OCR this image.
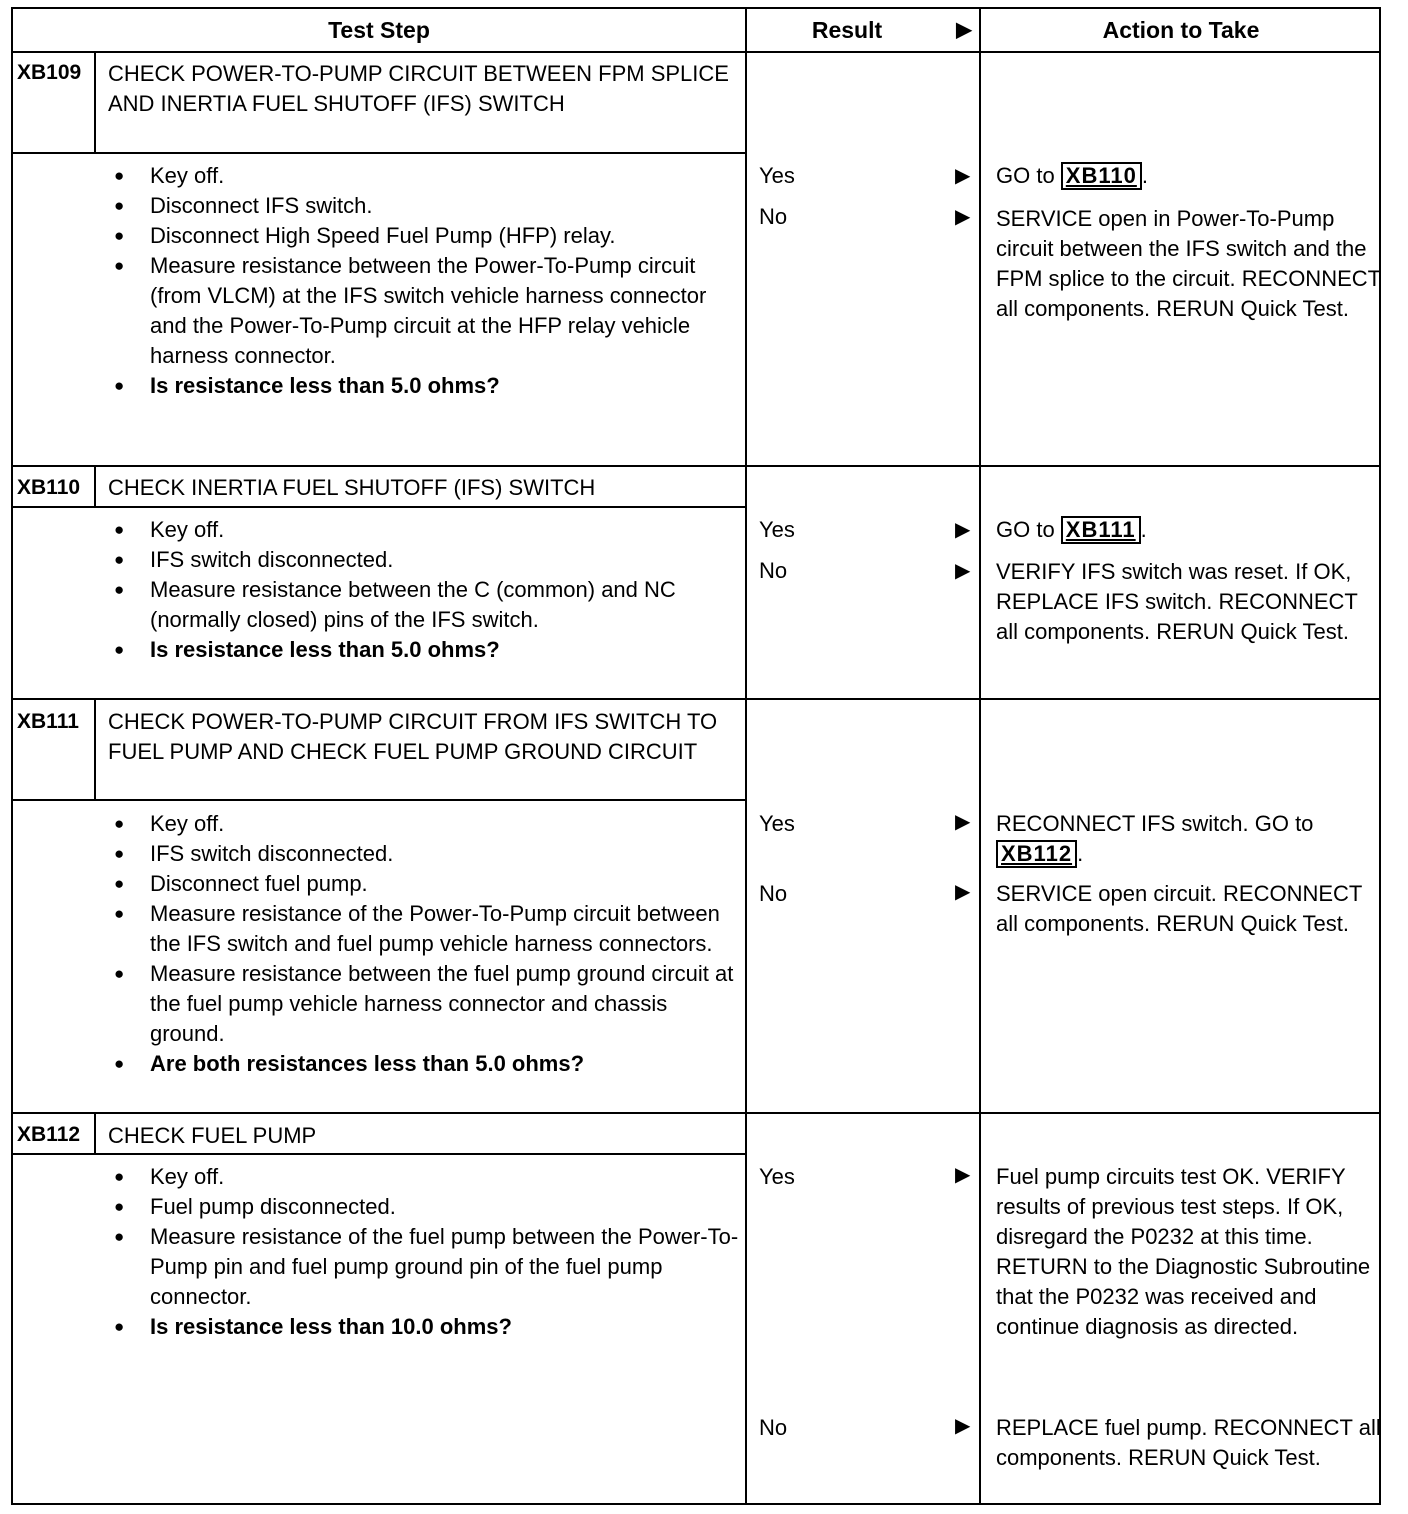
Test Step	Result	▶	Action to Take
XB109 CHECK POWER-TO-PUMP CIRCUIT BETWEEN FPM SPLICE AND INERTIA FUEL SHUTOFF (IFS) SWITCH
● Key off.
● Disconnect IFS switch.
● Disconnect High Speed Fuel Pump (HFP) relay.
● Measure resistance between the Power-To-Pump circuit (from VLCM) at the IFS switch vehicle harness connector and the Power-To-Pump circuit at the HFP relay vehicle harness connector.
● Is resistance less than 5.0 ohms?
Yes	▶ GO to XB110 .
No	▶ SERVICE open in Power-To-Pump circuit between the IFS switch and the FPM splice to the circuit. RECONNECT all components. RERUN Quick Test.
XB110 CHECK INERTIA FUEL SHUTOFF (IFS) SWITCH
● Key off.
● IFS switch disconnected.
● Measure resistance between the C (common) and NC (normally closed) pins of the IFS switch.
● Is resistance less than 5.0 ohms?
Yes	▶ GO to XB111 .
No	▶ VERIFY IFS switch was reset. If OK, REPLACE IFS switch. RECONNECT all components. RERUN Quick Test.
XB111 CHECK POWER-TO-PUMP CIRCUIT FROM IFS SWITCH TO FUEL PUMP AND CHECK FUEL PUMP GROUND CIRCUIT
● Key off.
● IFS switch disconnected.
● Disconnect fuel pump.
● Measure resistance of the Power-To-Pump circuit between the IFS switch and fuel pump vehicle harness connectors.
● Measure resistance between the fuel pump ground circuit at the fuel pump vehicle harness connector and chassis ground.
● Are both resistances less than 5.0 ohms?
Yes	▶ RECONNECT IFS switch. GO to XB112 .
No	▶ SERVICE open circuit. RECONNECT all components. RERUN Quick Test.
XB112 CHECK FUEL PUMP
● Key off.
● Fuel pump disconnected.
● Measure resistance of the fuel pump between the Power-To-Pump pin and fuel pump ground pin of the fuel pump connector.
● Is resistance less than 10.0 ohms?
Yes	▶ Fuel pump circuits test OK. VERIFY results of previous test steps. If OK, disregard the P0232 at this time. RETURN to the Diagnostic Subroutine that the P0232 was received and continue diagnosis as directed.
No	▶ REPLACE fuel pump. RECONNECT all components. RERUN Quick Test.
